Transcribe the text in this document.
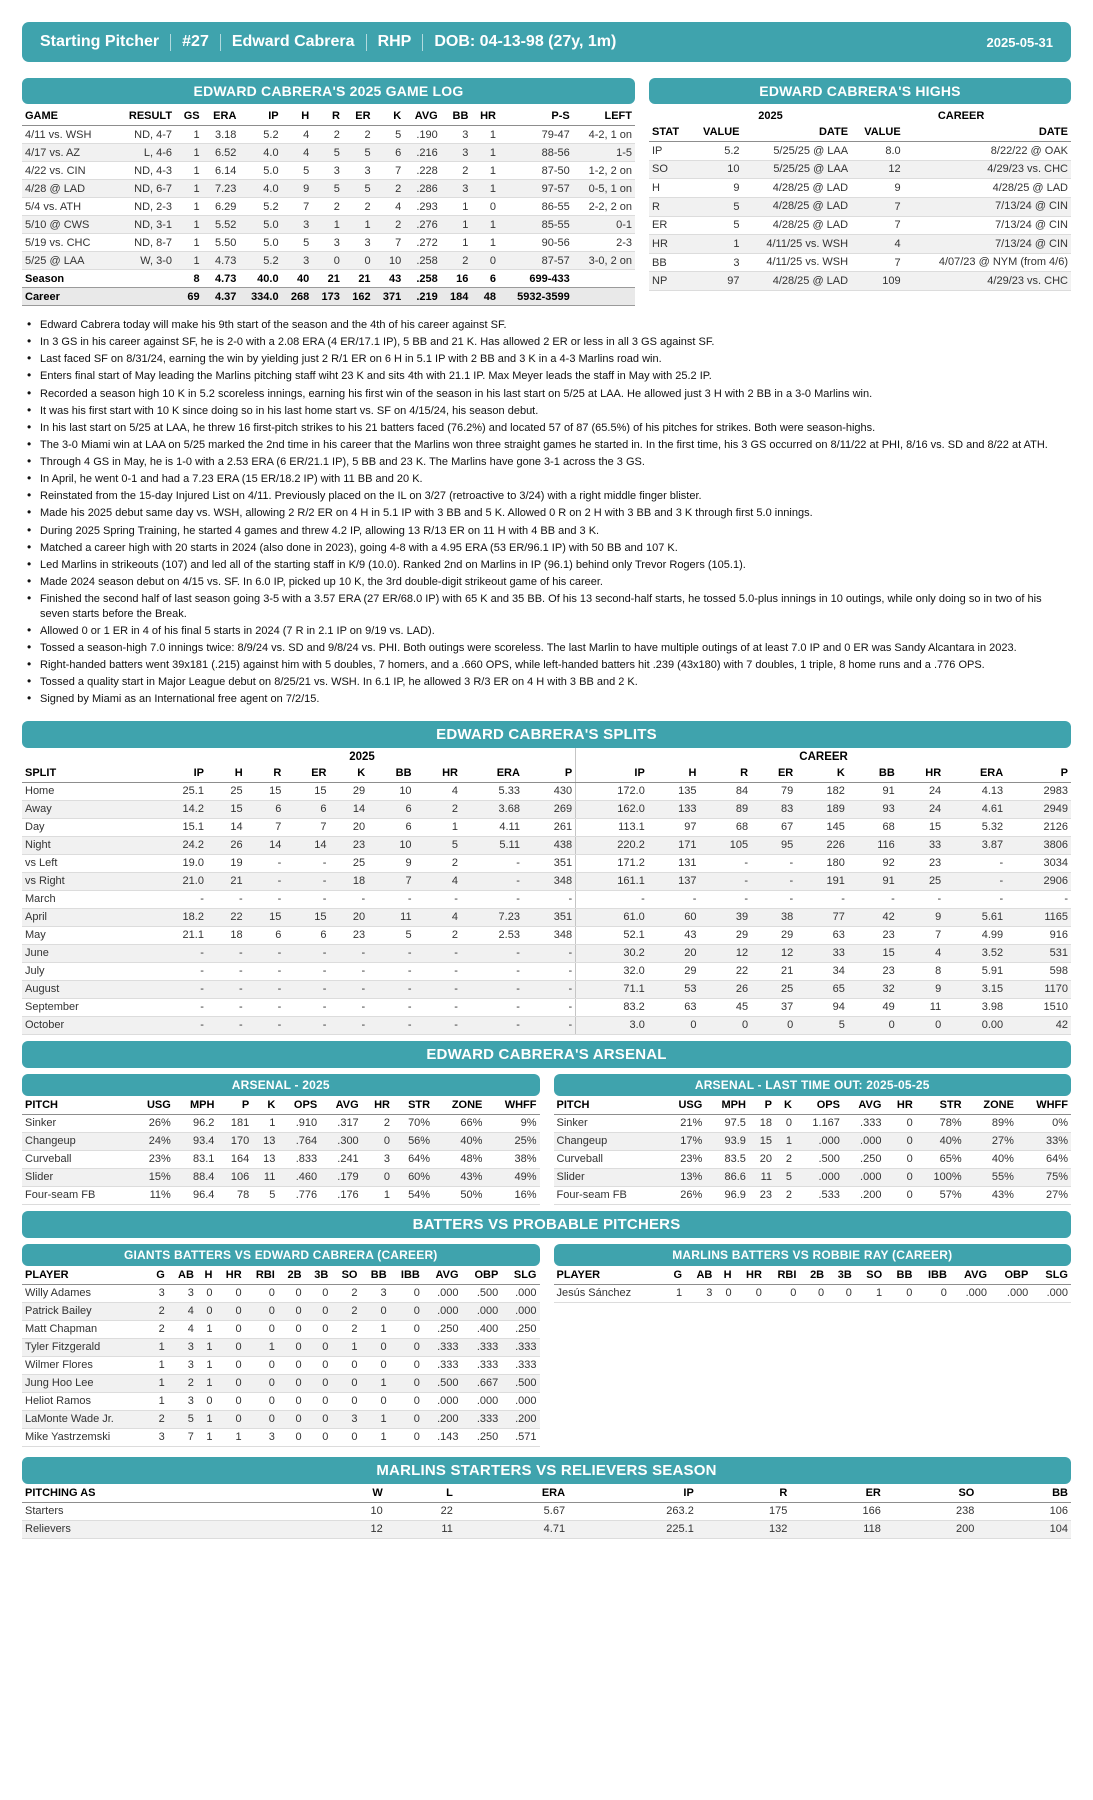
Starting Pitcher	#27	Edward Cabrera	RHP	DOB: 04-13-98 (27y, 1m)	2025-05-31
EDWARD CABRERA'S 2025 GAME LOG
GAME	RESULT	GS	ERA	IP	H	R	ER	K	AVG	BB	HR	P-S	LEFT
4/11 vs. WSH	ND, 4-7	1	3.18	5.2	4	2	2	5	.190	3	1	79-47	4-2, 1 on
4/17 vs. AZ	L, 4-6	1	6.52	4.0	4	5	5	6	.216	3	1	88-56	1-5
4/22 vs. CIN	ND, 4-3	1	6.14	5.0	5	3	3	7	.228	2	1	87-50	1-2, 2 on
4/28 @ LAD	ND, 6-7	1	7.23	4.0	9	5	5	2	.286	3	1	97-57	0-5, 1 on
5/4 vs. ATH	ND, 2-3	1	6.29	5.2	7	2	2	4	.293	1	0	86-55	2-2, 2 on
5/10 @ CWS	ND, 3-1	1	5.52	5.0	3	1	1	2	.276	1	1	85-55	0-1
5/19 vs. CHC	ND, 8-7	1	5.50	5.0	5	3	3	7	.272	1	1	90-56	2-3
5/25 @ LAA	W, 3-0	1	4.73	5.2	3	0	0	10	.258	2	0	87-57	3-0, 2 on
Season		8	4.73	40.0	40	21	21	43	.258	16	6	699-433	
Career		69	4.37	334.0	268	173	162	371	.219	184	48	5932-3599	
EDWARD CABRERA'S HIGHS
	2025		CAREER	
STAT	VALUE	DATE	VALUE	DATE
IP	5.2	5/25/25 @ LAA	8.0	8/22/22 @ OAK
SO	10	5/25/25 @ LAA	12	4/29/23 vs. CHC
H	9	4/28/25 @ LAD	9	4/28/25 @ LAD
R	5	4/28/25 @ LAD	7	7/13/24 @ CIN
ER	5	4/28/25 @ LAD	7	7/13/24 @ CIN
HR	1	4/11/25 vs. WSH	4	7/13/24 @ CIN
BB	3	4/11/25 vs. WSH	7	4/07/23 @ NYM (from 4/6)
NP	97	4/28/25 @ LAD	109	4/29/23 vs. CHC
• Edward Cabrera today will make his 9th start of the season and the 4th of his career against SF.
• In 3 GS in his career against SF, he is 2-0 with a 2.08 ERA (4 ER/17.1 IP), 5 BB and 21 K. Has allowed 2 ER or less in all 3 GS against SF.
• Last faced SF on 8/31/24, earning the win by yielding just 2 R/1 ER on 6 H in 5.1 IP with 2 BB and 3 K in a 4-3 Marlins road win.
• Enters final start of May leading the Marlins pitching staff wiht 23 K and sits 4th with 21.1 IP. Max Meyer leads the staff in May with 25.2 IP.
• Recorded a season high 10 K in 5.2 scoreless innings, earning his first win of the season in his last start on 5/25 at LAA. He allowed just 3 H with 2 BB in a 3-0 Marlins win.
• It was his first start with 10 K since doing so in his last home start vs. SF on 4/15/24, his season debut.
• In his last start on 5/25 at LAA, he threw 16 first-pitch strikes to his 21 batters faced (76.2%) and located 57 of 87 (65.5%) of his pitches for strikes. Both were season-highs.
• The 3-0 Miami win at LAA on 5/25 marked the 2nd time in his career that the Marlins won three straight games he started in. In the first time, his 3 GS occurred on 8/11/22 at PHI, 8/16 vs. SD and 8/22 at ATH.
• Through 4 GS in May, he is 1-0 with a 2.53 ERA (6 ER/21.1 IP), 5 BB and 23 K. The Marlins have gone 3-1 across the 3 GS.
• In April, he went 0-1 and had a 7.23 ERA (15 ER/18.2 IP) with 11 BB and 20 K.
• Reinstated from the 15-day Injured List on 4/11. Previously placed on the IL on 3/27 (retroactive to 3/24) with a right middle finger blister.
• Made his 2025 debut same day vs. WSH, allowing 2 R/2 ER on 4 H in 5.1 IP with 3 BB and 5 K. Allowed 0 R on 2 H with 3 BB and 3 K through first 5.0 innings.
• During 2025 Spring Training, he started 4 games and threw 4.2 IP, allowing 13 R/13 ER on 11 H with 4 BB and 3 K.
• Matched a career high with 20 starts in 2024 (also done in 2023), going 4-8 with a 4.95 ERA (53 ER/96.1 IP) with 50 BB and 107 K.
• Led Marlins in strikeouts (107) and led all of the starting staff in K/9 (10.0). Ranked 2nd on Marlins in IP (96.1) behind only Trevor Rogers (105.1).
• Made 2024 season debut on 4/15 vs. SF. In 6.0 IP, picked up 10 K, the 3rd double-digit strikeout game of his career.
• Finished the second half of last season going 3-5 with a 3.57 ERA (27 ER/68.0 IP) with 65 K and 35 BB. Of his 13 second-half starts, he tossed 5.0-plus innings in 10 outings, while only doing so in two of his seven starts before the Break.
• Allowed 0 or 1 ER in 4 of his final 5 starts in 2024 (7 R in 2.1 IP on 9/19 vs. LAD).
• Tossed a season-high 7.0 innings twice: 8/9/24 vs. SD and 9/8/24 vs. PHI. Both outings were scoreless. The last Marlin to have multiple outings of at least 7.0 IP and 0 ER was Sandy Alcantara in 2023.
• Right-handed batters went 39x181 (.215) against him with 5 doubles, 7 homers, and a .660 OPS, while left-handed batters hit .239 (43x180) with 7 doubles, 1 triple, 8 home runs and a .776 OPS.
• Tossed a quality start in Major League debut on 8/25/21 vs. WSH. In 6.1 IP, he allowed 3 R/3 ER on 4 H with 3 BB and 2 K.
• Signed by Miami as an International free agent on 7/2/15.
EDWARD CABRERA'S SPLITS
	2025									CAREER								
SPLIT	IP	H	R	ER	K	BB	HR	ERA	P	IP	H	R	ER	K	BB	HR	ERA	P
Home	25.1	25	15	15	29	10	4	5.33	430	172.0	135	84	79	182	91	24	4.13	2983
Away	14.2	15	6	6	14	6	2	3.68	269	162.0	133	89	83	189	93	24	4.61	2949
Day	15.1	14	7	7	20	6	1	4.11	261	113.1	97	68	67	145	68	15	5.32	2126
Night	24.2	26	14	14	23	10	5	5.11	438	220.2	171	105	95	226	116	33	3.87	3806
vs Left	19.0	19	-	-	25	9	2	-	351	171.2	131	-	-	180	92	23	-	3034
vs Right	21.0	21	-	-	18	7	4	-	348	161.1	137	-	-	191	91	25	-	2906
March	-	-	-	-	-	-	-	-	-	-	-	-	-	-	-	-	-	-
April	18.2	22	15	15	20	11	4	7.23	351	61.0	60	39	38	77	42	9	5.61	1165
May	21.1	18	6	6	23	5	2	2.53	348	52.1	43	29	29	63	23	7	4.99	916
June	-	-	-	-	-	-	-	-	-	30.2	20	12	12	33	15	4	3.52	531
July	-	-	-	-	-	-	-	-	-	32.0	29	22	21	34	23	8	5.91	598
August	-	-	-	-	-	-	-	-	-	71.1	53	26	25	65	32	9	3.15	1170
September	-	-	-	-	-	-	-	-	-	83.2	63	45	37	94	49	11	3.98	1510
October	-	-	-	-	-	-	-	-	-	3.0	0	0	0	5	0	0	0.00	42
EDWARD CABRERA'S ARSENAL
ARSENAL - 2025
PITCH	USG	MPH	P	K	OPS	AVG	HR	STR	ZONE	WHFF
Sinker	26%	96.2	181	1	.910	.317	2	70%	66%	9%
Changeup	24%	93.4	170	13	.764	.300	0	56%	40%	25%
Curveball	23%	83.1	164	13	.833	.241	3	64%	48%	38%
Slider	15%	88.4	106	11	.460	.179	0	60%	43%	49%
Four-seam FB	11%	96.4	78	5	.776	.176	1	54%	50%	16%
ARSENAL - LAST TIME OUT: 2025-05-25
PITCH	USG	MPH	P	K	OPS	AVG	HR	STR	ZONE	WHFF
Sinker	21%	97.5	18	0	1.167	.333	0	78%	89%	0%
Changeup	17%	93.9	15	1	.000	.000	0	40%	27%	33%
Curveball	23%	83.5	20	2	.500	.250	0	65%	40%	64%
Slider	13%	86.6	11	5	.000	.000	0	100%	55%	75%
Four-seam FB	26%	96.9	23	2	.533	.200	0	57%	43%	27%
BATTERS VS PROBABLE PITCHERS
GIANTS BATTERS VS EDWARD CABRERA (CAREER)
PLAYER	G	AB	H	HR	RBI	2B	3B	SO	BB	IBB	AVG	OBP	SLG
Willy Adames	3	3	0	0	0	0	0	2	3	0	.000	.500	.000
Patrick Bailey	2	4	0	0	0	0	0	2	0	0	.000	.000	.000
Matt Chapman	2	4	1	0	0	0	0	2	1	0	.250	.400	.250
Tyler Fitzgerald	1	3	1	0	1	0	0	1	0	0	.333	.333	.333
Wilmer Flores	1	3	1	0	0	0	0	0	0	0	.333	.333	.333
Jung Hoo Lee	1	2	1	0	0	0	0	0	1	0	.500	.667	.500
Heliot Ramos	1	3	0	0	0	0	0	0	0	0	.000	.000	.000
LaMonte Wade Jr.	2	5	1	0	0	0	0	3	1	0	.200	.333	.200
Mike Yastrzemski	3	7	1	1	3	0	0	0	1	0	.143	.250	.571
MARLINS BATTERS VS ROBBIE RAY (CAREER)
PLAYER	G	AB	H	HR	RBI	2B	3B	SO	BB	IBB	AVG	OBP	SLG
Jesús Sánchez	1	3	0	0	0	0	0	1	0	0	.000	.000	.000
MARLINS STARTERS VS RELIEVERS SEASON
PITCHING AS	W	L	ERA	IP	R	ER	SO	BB
Starters	10	22	5.67	263.2	175	166	238	106
Relievers	12	11	4.71	225.1	132	118	200	104
